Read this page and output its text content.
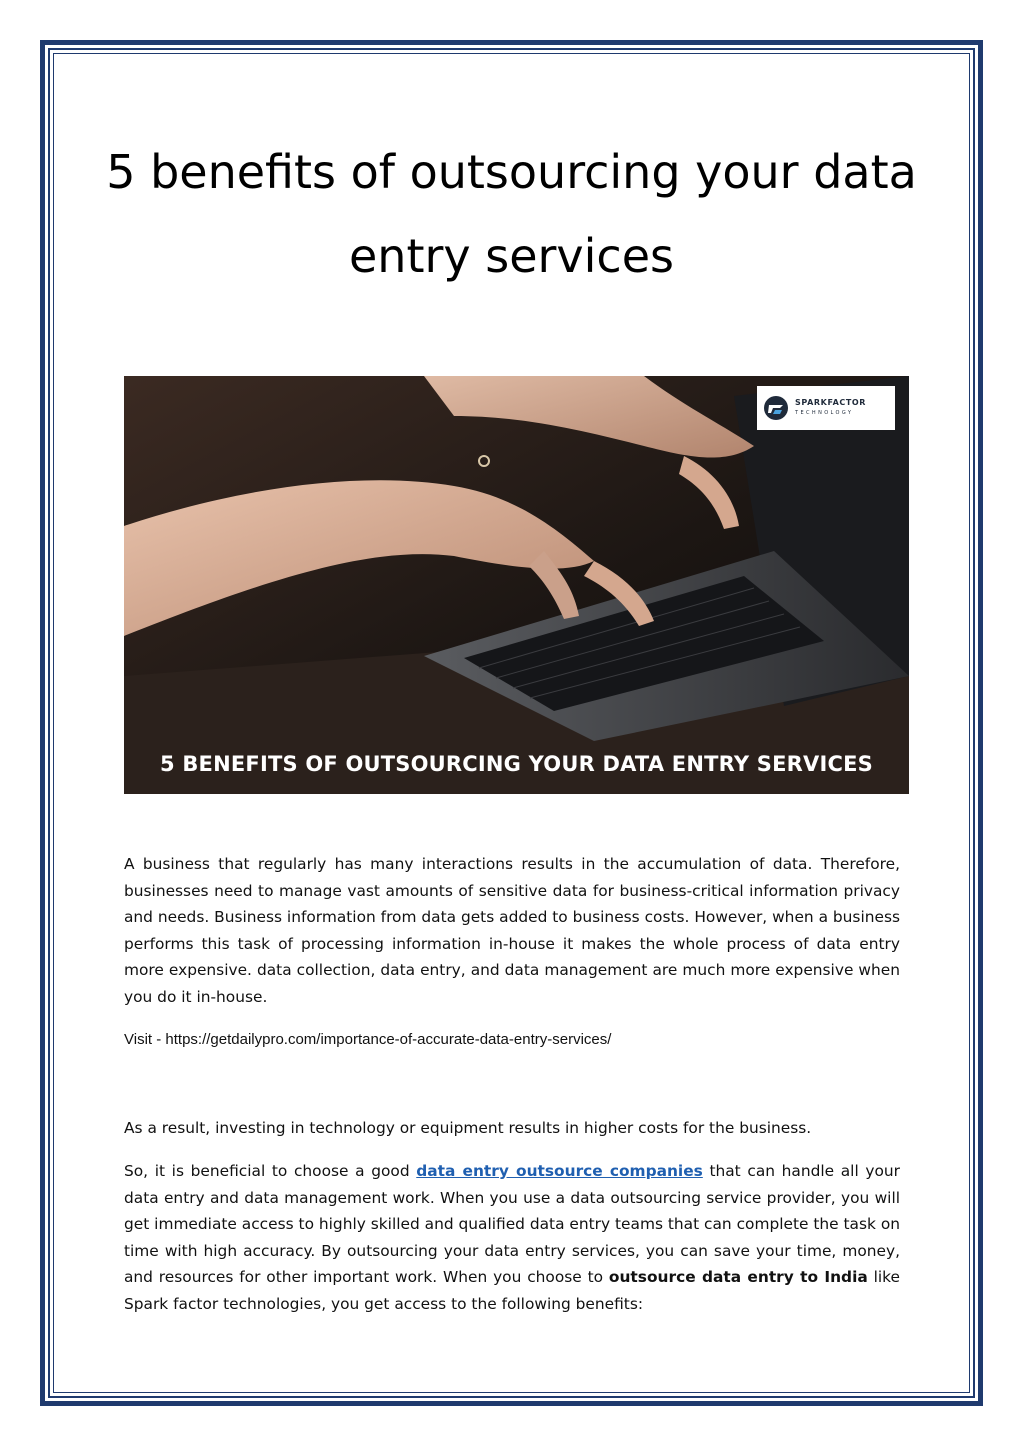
5 benefits of outsourcing your data entry services
SPARKFACTOR
TECHNOLOGY
5 BENEFITS OF OUTSOURCING YOUR DATA ENTRY SERVICES

A business that regularly has many interactions results in the accumulation of data. Therefore, businesses need to manage vast amounts of sensitive data for business-critical information privacy and needs. Business information from data gets added to business costs. However, when a business performs this task of processing information in-house it makes the whole process of data entry more expensive. data collection, data entry, and data management are much more expensive when you do it in-house.

Visit - https://getdailypro.com/importance-of-accurate-data-entry-services/

As a result, investing in technology or equipment results in higher costs for the business.

So, it is beneficial to choose a good data entry outsource companies that can handle all your data entry and data management work. When you use a data outsourcing service provider, you will get immediate access to highly skilled and qualified data entry teams that can complete the task on time with high accuracy. By outsourcing your data entry services, you can save your time, money, and resources for other important work. When you choose to outsource data entry to India like Spark factor technologies, you get access to the following benefits:
